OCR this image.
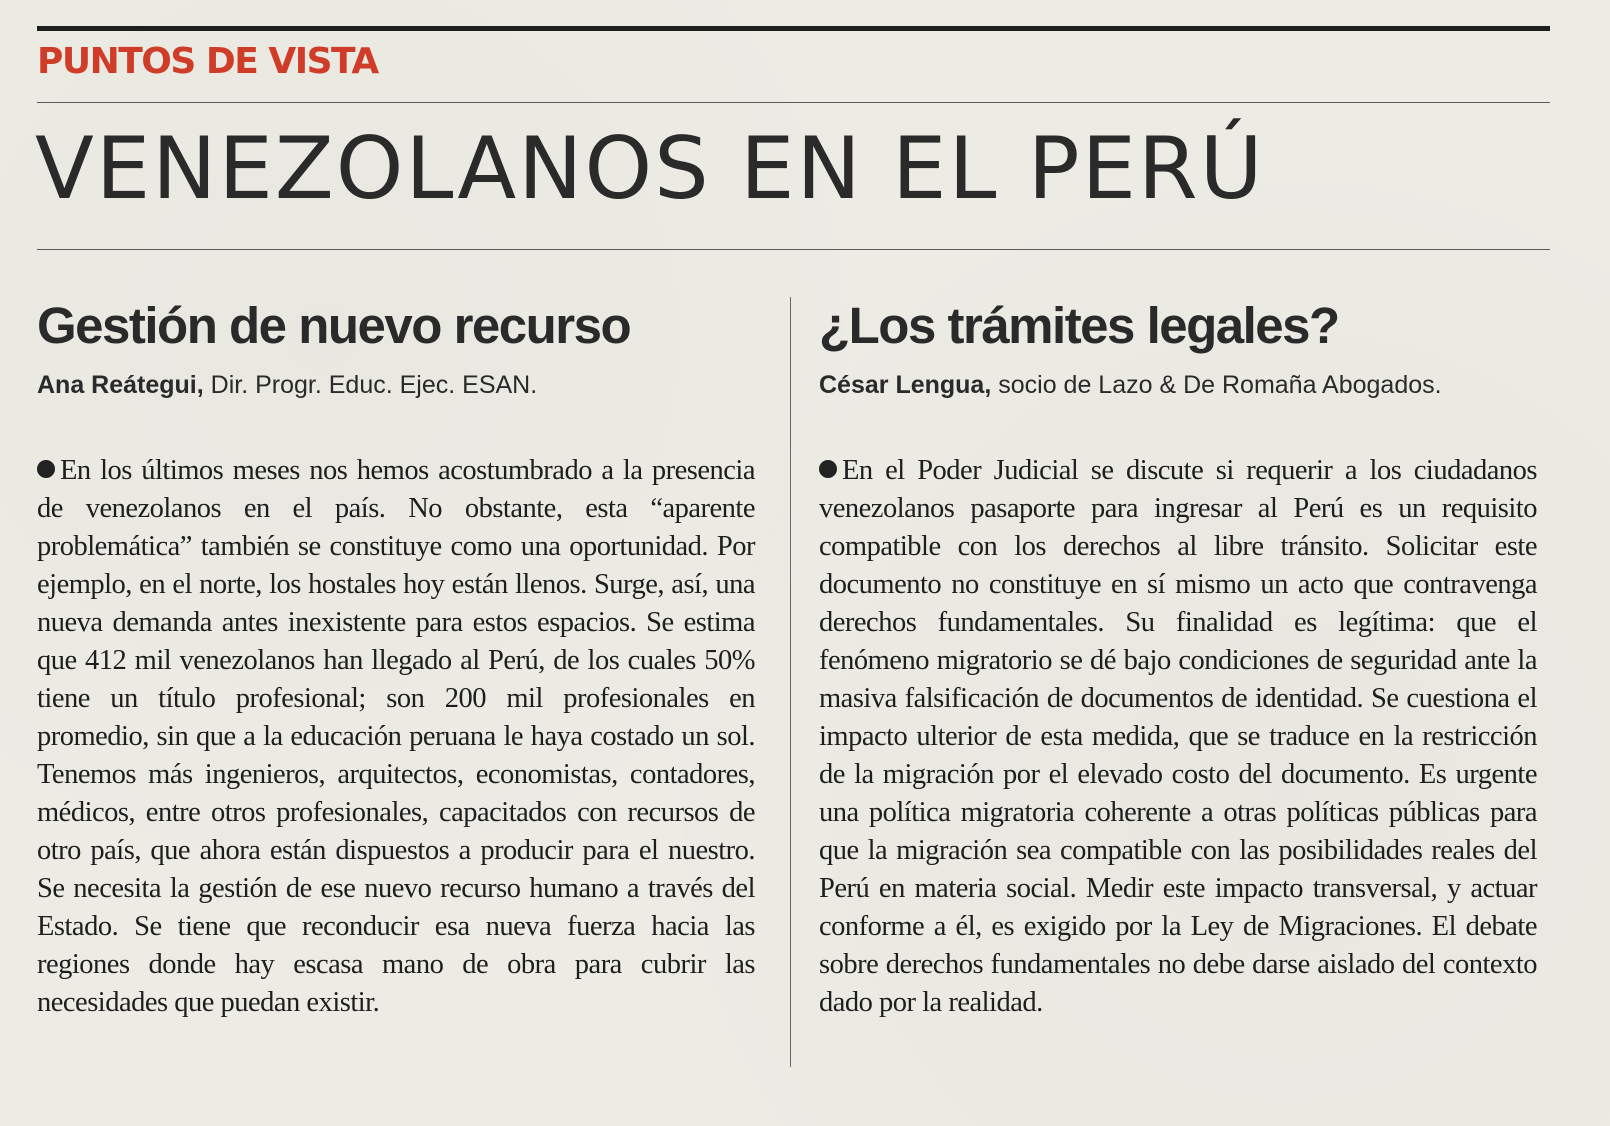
PUNTOS DE VISTA
VENEZOLANOS EN EL PERÚ
Gestión de nuevo recurso
Ana Reátegui, Dir. Progr. Educ. Ejec. ESAN.
En los últimos meses nos hemos acostumbrado a la presencia de venezolanos en el país. No obstante, esta “aparente problemática” también se constituye como una oportunidad. Por ejemplo, en el norte, los hostales hoy están llenos. Surge, así, una nueva demanda antes inexistente para estos espacios. Se estima que 412 mil venezolanos han llegado al Perú, de los cuales 50% tiene un título profesional; son 200 mil profesionales en promedio, sin que a la educación peruana le haya costado un sol. Tenemos más ingenieros, arquitectos, economistas, contadores, médicos, entre otros profesionales, capacitados con recursos de otro país, que ahora están dispuestos a producir para el nuestro. Se necesita la gestión de ese nuevo recurso humano a través del Estado. Se tiene que reconducir esa nueva fuerza hacia las regiones donde hay escasa mano de obra para cubrir las necesidades que puedan existir.
¿Los trámites legales?
César Lengua, socio de Lazo & De Romaña Abogados.
En el Poder Judicial se discute si requerir a los ciudadanos venezolanos pasaporte para ingresar al Perú es un requisito compatible con los derechos al libre tránsito. Solicitar este documento no constituye en sí mismo un acto que contravenga derechos fundamentales. Su finalidad es legítima: que el fenómeno migratorio se dé bajo condiciones de seguridad ante la masiva falsificación de documentos de identidad. Se cuestiona el impacto ulterior de esta medida, que se traduce en la restricción de la migración por el elevado costo del documento. Es urgente una política migratoria coherente a otras políticas públicas para que la migración sea compatible con las posibilidades reales del Perú en materia social. Medir este impacto transversal, y actuar conforme a él, es exigido por la Ley de Migraciones. El debate sobre derechos fundamentales no debe darse aislado del contexto dado por la realidad.
